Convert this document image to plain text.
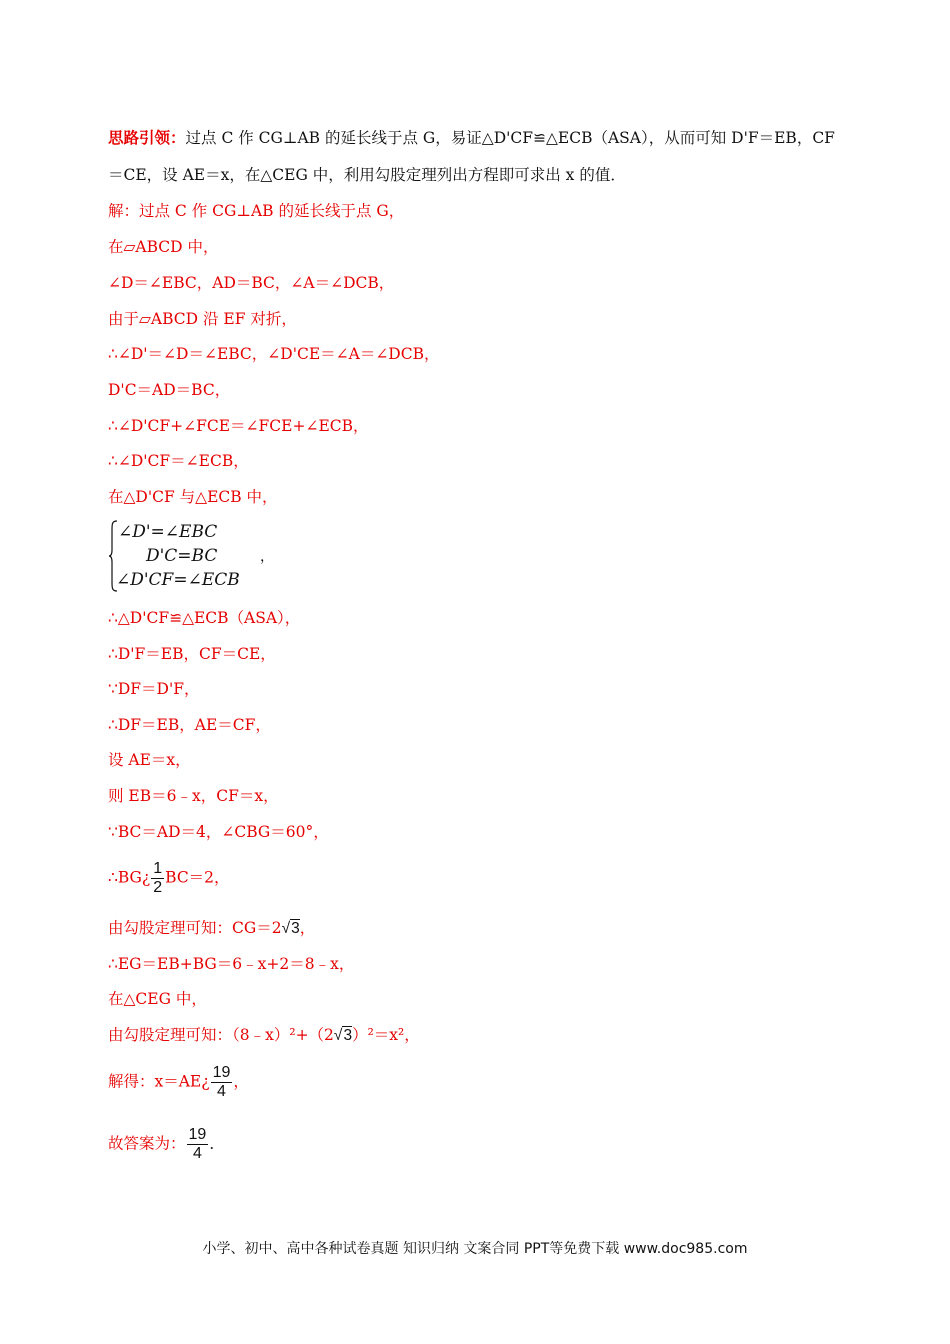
思路引领：过点 C 作 CG⊥AB 的延长线于点 G，易证△D'CF≌△ECB（ASA），从而可知 D'F＝EB，CF
＝CE，设 AE＝x，在△CEG 中，利用勾股定理列出方程即可求出 x 的值．
解：过点 C 作 CG⊥AB 的延长线于点 G，
在▱ABCD 中，
∠D＝∠EBC，AD＝BC，∠A＝∠DCB，
由于▱ABCD 沿 EF 对折，
∴∠D'＝∠D＝∠EBC，∠D'CE＝∠A＝∠DCB，
D'C＝AD＝BC，
∴∠D'CF+∠FCE＝∠FCE+∠ECB，
∴∠D'CF＝∠ECB，
在△D'CF 与△ECB 中，
∠D'=∠EBC
D'C=BC
∠D'CF=∠ECB
，
∴△D'CF≌△ECB（ASA），
∴D'F＝EB，CF＝CE，
∵DF＝D'F，
∴DF＝EB，AE＝CF，
设 AE＝x，
则 EB＝6﹣x，CF＝x，
∵BC＝AD＝4，∠CBG＝60°，
∴BG¿ $\frac{1}{2} BC=2$，
由勾股定理可知：CG＝2√3，
∴EG＝EB+BG＝6﹣x+2＝8﹣x，
在△CEG 中，
由勾股定理可知：（8﹣x）²+（2√3）²＝x²，
解得：x＝AE¿ $\frac{19}{4}$ ，
故答案为： $\frac{19}{4}$ ．
小学、初中、高中各种试卷真题 知识归纳 文案合同 PPT等免费下载 www.doc985.com
